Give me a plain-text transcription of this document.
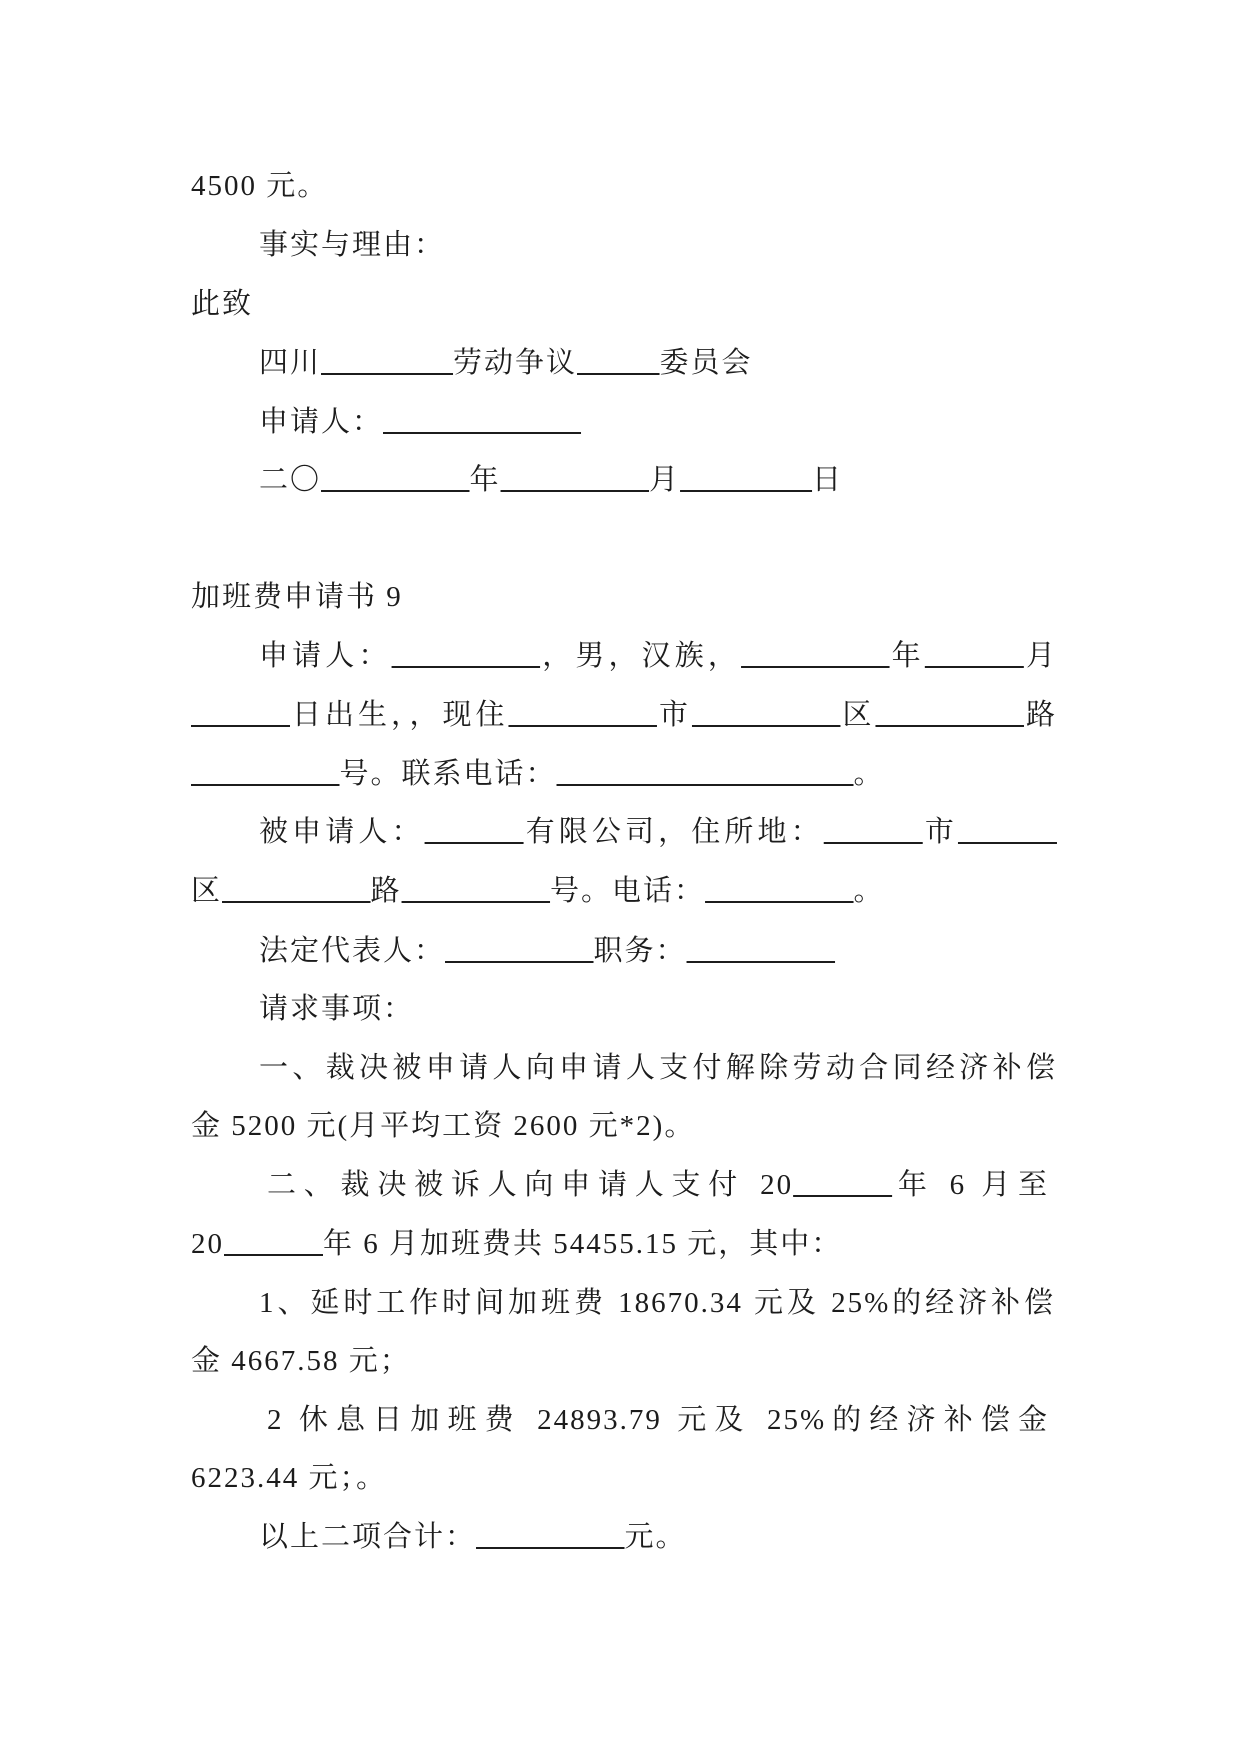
4500 元。
事实与理由：
此致
四川	劳动争议	委员会
申请人：
二〇	年	月	日
加班费申请书 9
申请人：	，男，汉族，	年	月
日出生，，现住	市	区	路
号。联系电话：	。
被申请人：	有限公司，住所地：	市
区	路	号。电话：	。
法定代表人：	职务：
请求事项：
一、裁决被申请人向申请人支付解除劳动合同经济补偿
金 5200 元(月平均工资 2600 元*2)。
二、裁决被诉人向申请人支付 20	年 6 月至
20	年 6 月加班费共 54455.15 元，其中：
1、延时工作时间加班费 18670.34 元及 25%的经济补偿
金 4667.58 元；
2 休息日加班费 24893.79 元及 25%的经济补偿金
6223.44 元；。
以上二项合计：	元。
